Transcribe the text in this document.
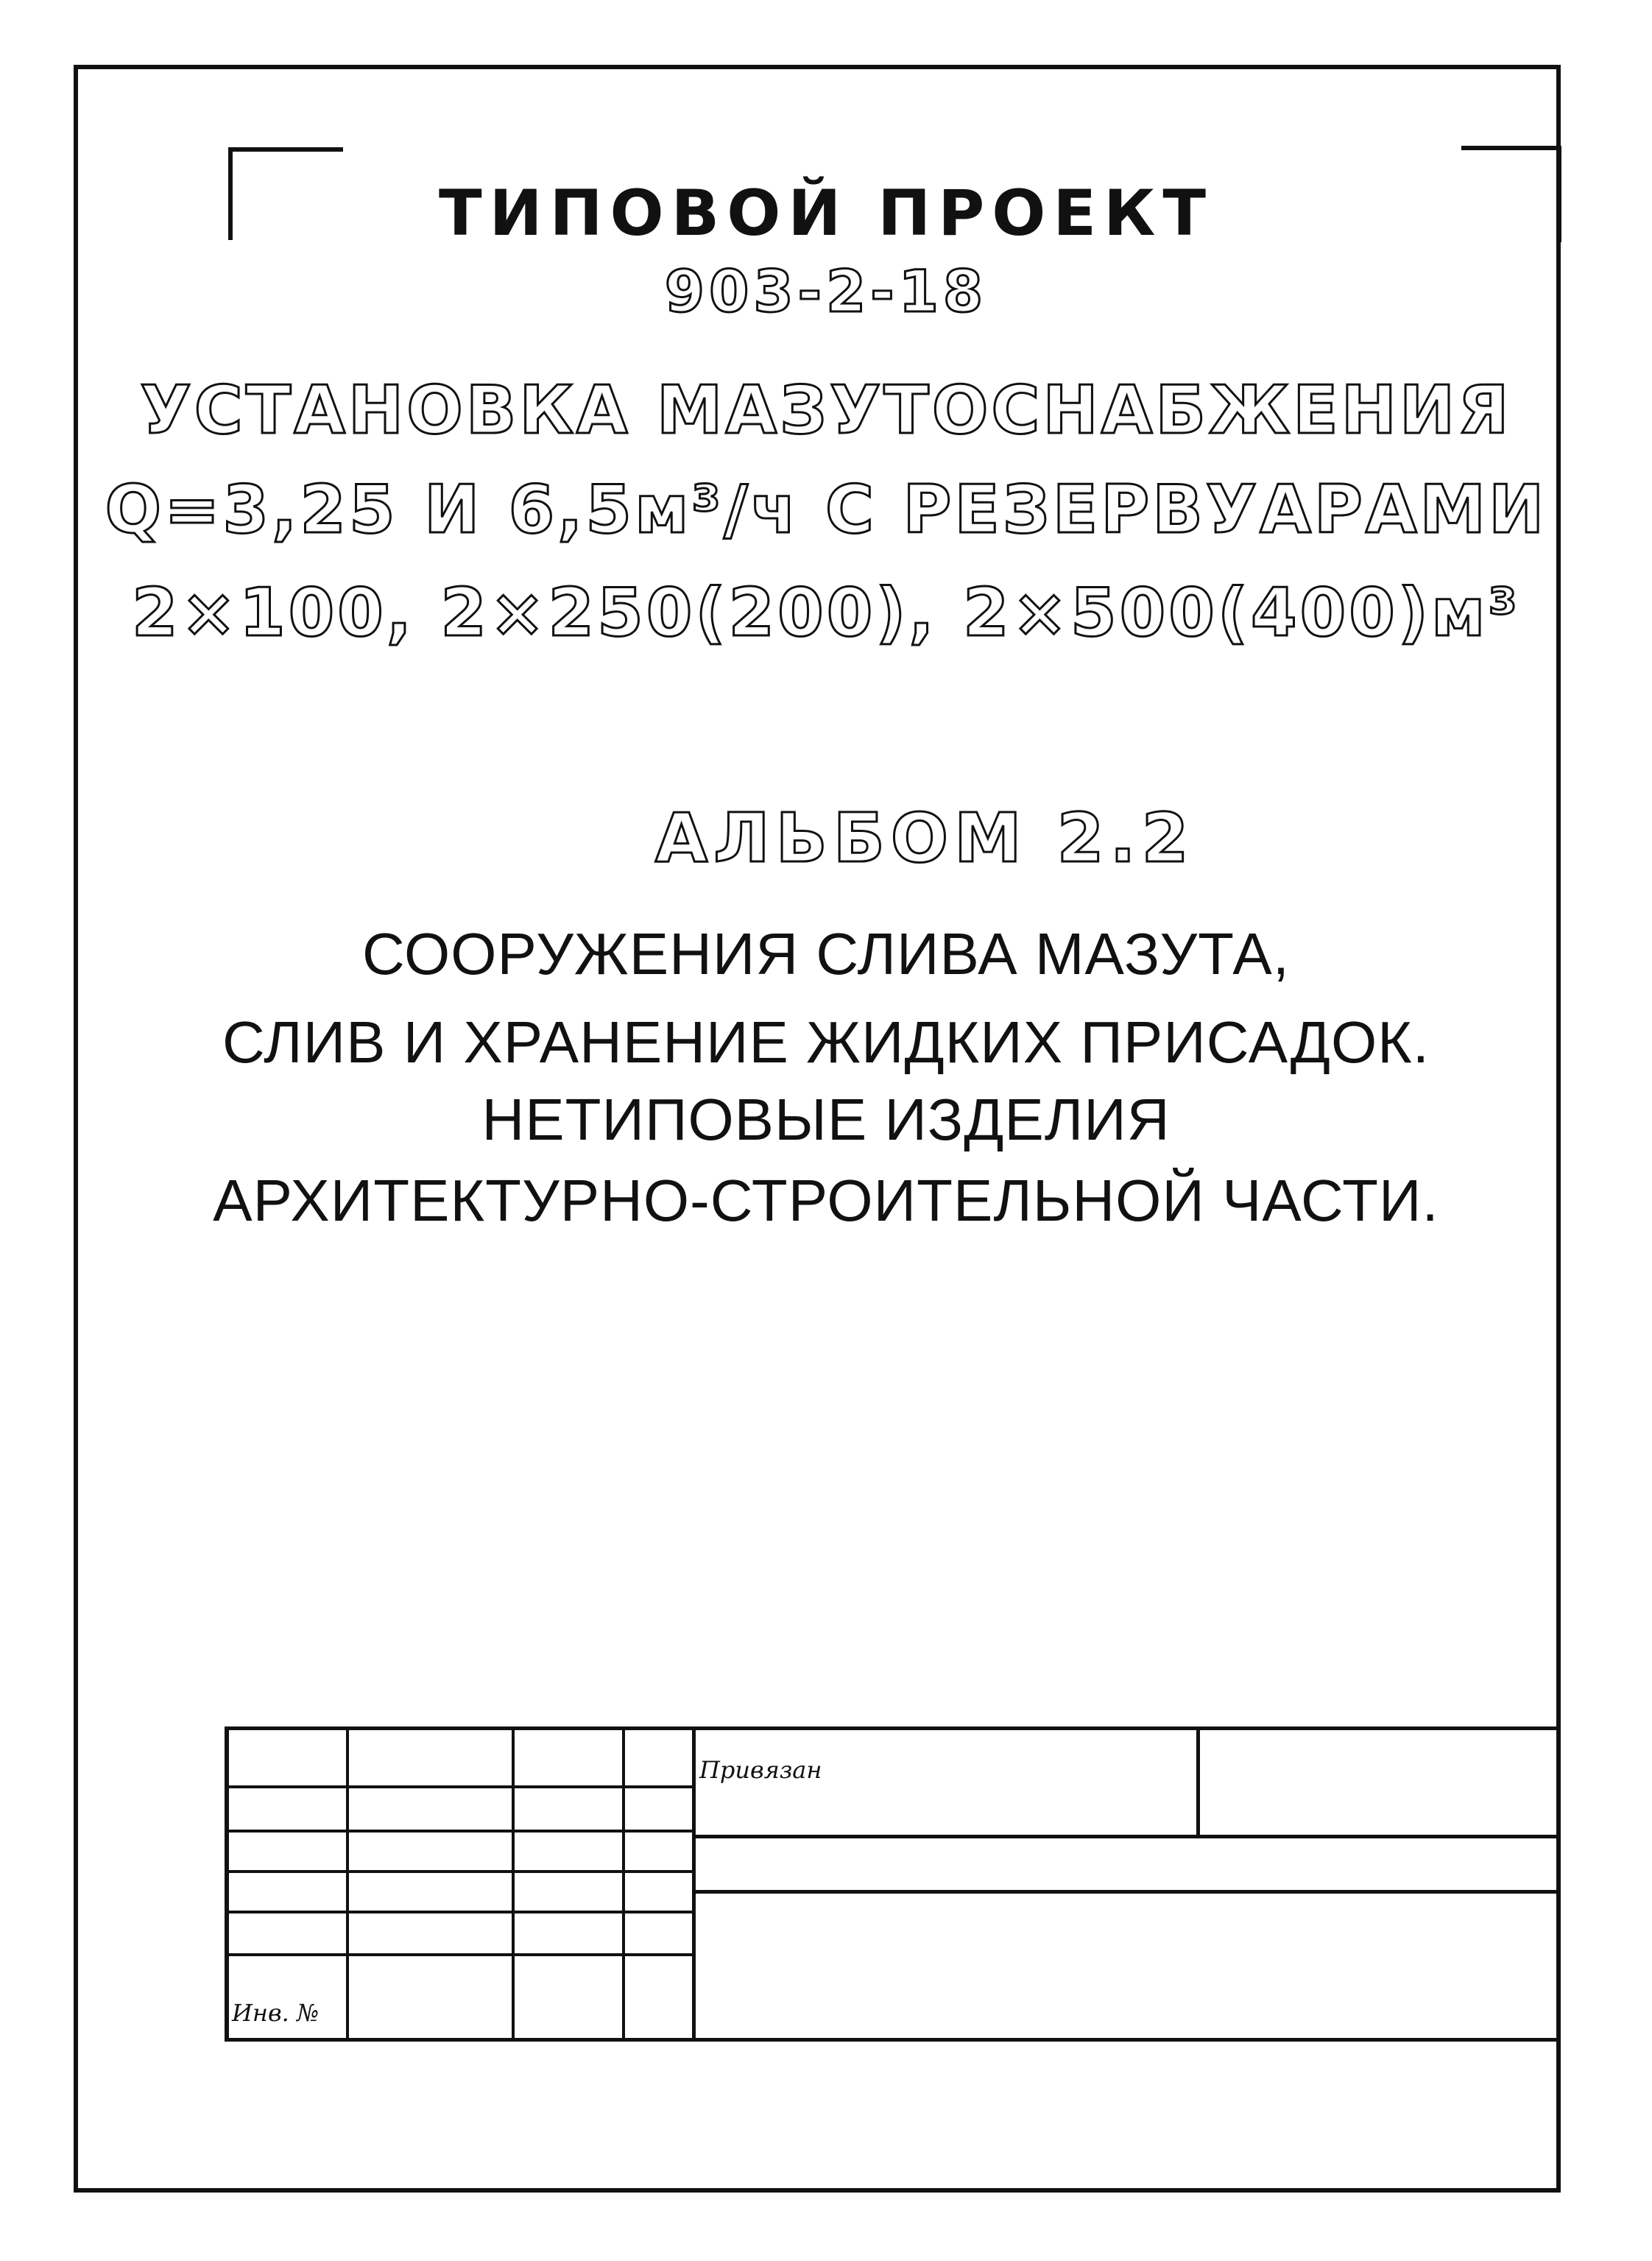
ТИПОВОЙ ПРОЕКТ

903-2-18

УСТАНОВКА МАЗУТОСНАБЖЕНИЯ

Q=3,25 И 6,5м³/ч С РЕЗЕРВУАРАМИ

2×100, 2×250(200), 2×500(400)м³

АЛЬБОМ 2.2

СООРУЖЕНИЯ СЛИВА МАЗУТА,

СЛИВ И ХРАНЕНИЕ ЖИДКИХ ПРИСАДОК.

НЕТИПОВЫЕ ИЗДЕЛИЯ

АРХИТЕКТУРНО-СТРОИТЕЛЬНОЙ ЧАСТИ.

Привязан
Инв. №
